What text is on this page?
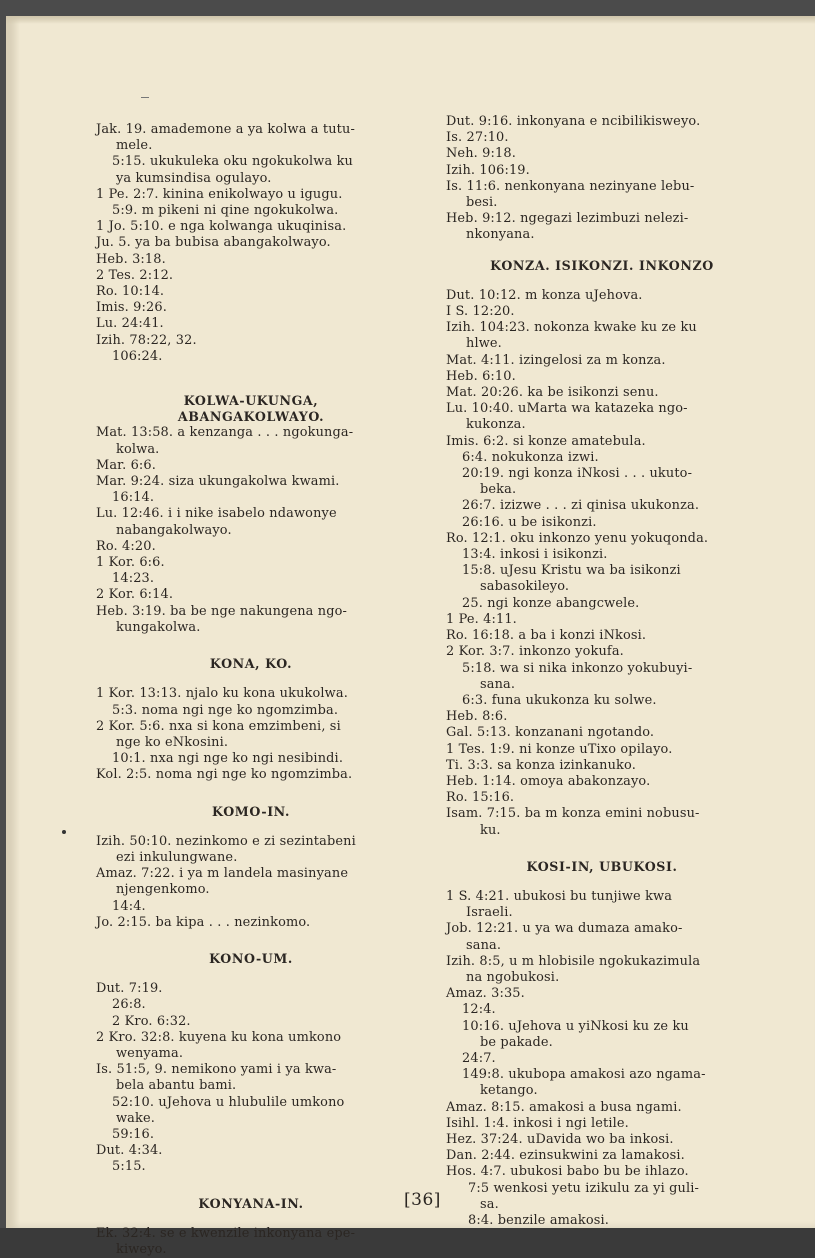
Jak. 19. amademone a ya kolwa a tutu-
mele.
5:15. ukukuleka oku ngokukolwa ku
ya kumsindisa ogulayo.
1 Pe. 2:7. kinina enikolwayo u igugu.
5:9. m pikeni ni qine ngokukolwa.
1 Jo. 5:10. e nga kolwanga ukuqinisa.
Ju. 5. ya ba bubisa abangakolwayo.
Heb. 3:18.
2 Tes. 2:12.
Ro. 10:14.
Imis. 9:26.
Lu. 24:41.
Izih. 78:22, 32.
106:24.
KOLWA-UKUNGA,
ABANGAKOLWAYO.
Mat. 13:58. a kenzanga . . . ngokunga-
kolwa.
Mar. 6:6.
Mar. 9:24. siza ukungakolwa kwami.
16:14.
Lu. 12:46. i i nike isabelo ndawonye
nabangakolwayo.
Ro. 4:20.
1 Kor. 6:6.
14:23.
2 Kor. 6:14.
Heb. 3:19. ba be nge nakungena ngo-
kungakolwa.
KONA, KO.
1 Kor. 13:13. njalo ku kona ukukolwa.
5:3. noma ngi nge ko ngomzimba.
2 Kor. 5:6. nxa si kona emzimbeni, si
nge ko eNkosini.
10:1. nxa ngi nge ko ngi nesibindi.
Kol. 2:5. noma ngi nge ko ngomzimba.
KOMO-IN.
Izih. 50:10. nezinkomo e zi sezintabeni
ezi inkulungwane.
Amaz. 7:22. i ya m landela masinyane
njengenkomo.
14:4.
Jo. 2:15. ba kipa . . . nezinkomo.
KONO-UM.
Dut. 7:19.
26:8.
2 Kro. 6:32.
2 Kro. 32:8. kuyena ku kona umkono
wenyama.
Is. 51:5, 9. nemikono yami i ya kwa-
bela abantu bami.
52:10. uJehova u hlubulile umkono
wake.
59:16.
Dut. 4:34.
5:15.
KONYANA-IN.
Ek. 32:4. se e kwenzile inkonyana epe-
kiweyo.
Dut. 9:16. inkonyana e ncibilikisweyo.
Is. 27:10.
Neh. 9:18.
Izih. 106:19.
Is. 11:6. nenkonyana nezinyane lebu-
besi.
Heb. 9:12. ngegazi lezimbuzi nelezi-
nkonyana.
KONZA. ISIKONZI. INKONZO
Dut. 10:12. m konza uJehova.
I S. 12:20.
Izih. 104:23. nokonza kwake ku ze ku
hlwe.
Mat. 4:11. izingelosi za m konza.
Heb. 6:10.
Mat. 20:26. ka be isikonzi senu.
Lu. 10:40. uMarta wa katazeka ngo-
kukonza.
Imis. 6:2. si konze amatebula.
6:4. nokukonza izwi.
20:19. ngi konza iNkosi . . . ukuto-
beka.
26:7. izizwe . . . zi qinisa ukukonza.
26:16. u be isikonzi.
Ro. 12:1. oku inkonzo yenu yokuqonda.
13:4. inkosi i isikonzi.
15:8. uJesu Kristu wa ba isikonzi
sabasokileyo.
25. ngi konze abangcwele.
1 Pe. 4:11.
Ro. 16:18. a ba i konzi iNkosi.
2 Kor. 3:7. inkonzo yokufa.
5:18. wa si nika inkonzo yokubuyi-
sana.
6:3. funa ukukonza ku solwe.
Heb. 8:6.
Gal. 5:13. konzanani ngotando.
1 Tes. 1:9. ni konze uTixo opilayo.
Ti. 3:3. sa konza izinkanuko.
Heb. 1:14. omoya abakonzayo.
Ro. 15:16.
Isam. 7:15. ba m konza emini nobusu-
ku.
KOSI-IN, UBUKOSI.
1 S. 4:21. ubukosi bu tunjiwe kwa
Israeli.
Job. 12:21. u ya wa dumaza amako-
sana.
Izih. 8:5, u m hlobisile ngokukazimula
na ngobukosi.
Amaz. 3:35.
12:4.
10:16. uJehova u yiNkosi ku ze ku
be pakade.
24:7.
149:8. ukubopa amakosi azo ngama-
ketango.
Amaz. 8:15. amakosi a busa ngami.
Isihl. 1:4. inkosi i ngi letile.
Hez. 37:24. uDavida wo ba inkosi.
Dan. 2:44. ezinsukwini za lamakosi.
Hos. 4:7. ubukosi babo bu be ihlazo.
7:5 wenkosi yetu izikulu za yi guli-
sa.
8:4. benzile amakosi.
[36]
